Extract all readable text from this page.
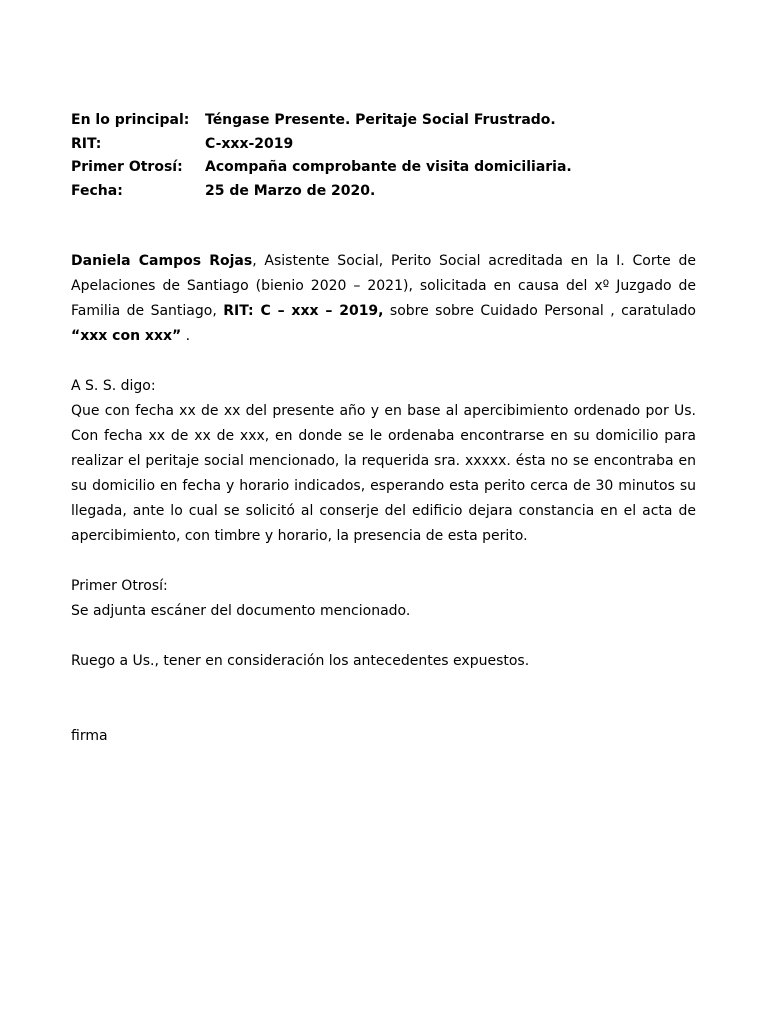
En lo principal:	Téngase Presente. Peritaje Social Frustrado.
RIT:	C-xxx-2019
Primer Otrosí:	Acompaña comprobante de visita domiciliaria.
Fecha:	25 de Marzo de 2020.

Daniela Campos Rojas, Asistente Social, Perito Social acreditada en la I. Corte de Apelaciones de Santiago (bienio 2020 – 2021), solicitada en causa del xº Juzgado de Familia de Santiago, RIT: C – xxx – 2019, sobre sobre Cuidado Personal , caratulado “xxx con xxx” .

A S. S. digo:

Que con fecha xx de xx del presente año y en base al apercibimiento ordenado por Us. Con fecha xx de xx de xxx, en donde se le ordenaba encontrarse en su domicilio para realizar el peritaje social mencionado, la requerida sra. xxxxx. ésta no se encontraba en su domicilio en fecha y horario indicados, esperando esta perito cerca de 30 minutos su llegada, ante lo cual se solicitó al conserje del edificio dejara constancia en el acta de apercibimiento, con timbre y horario, la presencia de esta perito.

Primer Otrosí:

Se adjunta escáner del documento mencionado.

Ruego a Us., tener en consideración los antecedentes expuestos.

firma
